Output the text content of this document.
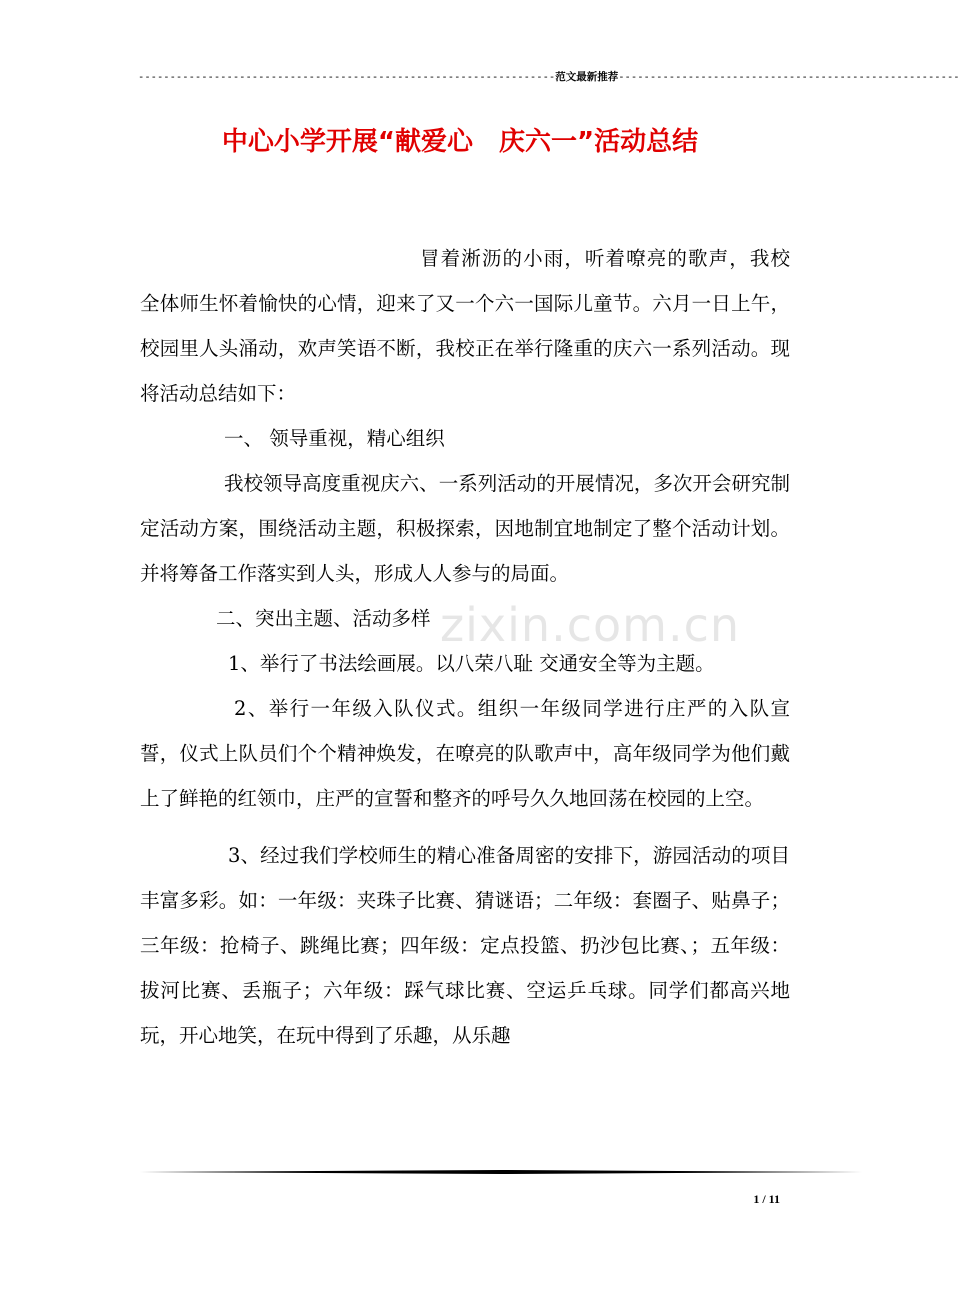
------------------------------------------------------------------范文最新推荐------------------------------------------------------
中心小学开展“献爱心　庆六一”活动总结
zixin.com.cn

冒着淅沥的小雨，听着嘹亮的歌声，我校全体师生怀着愉快的心情，迎来了又一个六一国际儿童节。六月一日上午，校园里人头涌动，欢声笑语不断，我校正在举行隆重的庆六一系列活动。现将活动总结如下：

一、 领导重视，精心组织

我校领导高度重视庆六、一系列活动的开展情况，多次开会研究制定活动方案，围绕活动主题，积极探索，因地制宜地制定了整个活动计划。并将筹备工作落实到人头，形成人人参与的局面。

二、突出主题、活动多样

1、举行了书法绘画展。以八荣八耻 交通安全等为主题。

2、举行一年级入队仪式。组织一年级同学进行庄严的入队宣誓，仪式上队员们个个精神焕发，在嘹亮的队歌声中，高年级同学为他们戴上了鲜艳的红领巾，庄严的宣誓和整齐的呼号久久地回荡在校园的上空。

3、经过我们学校师生的精心准备周密的安排下，游园活动的项目丰富多彩。如：一年级：夹珠子比赛、猜谜语；二年级：套圈子、贴鼻子；三年级：抢椅子、跳绳比赛；四年级：定点投篮、扔沙包比赛、；五年级：拔河比赛、丢瓶子；六年级：踩气球比赛、空运乒乓球。同学们都高兴地玩，开心地笑，在玩中得到了乐趣，从乐趣

1 / 11
